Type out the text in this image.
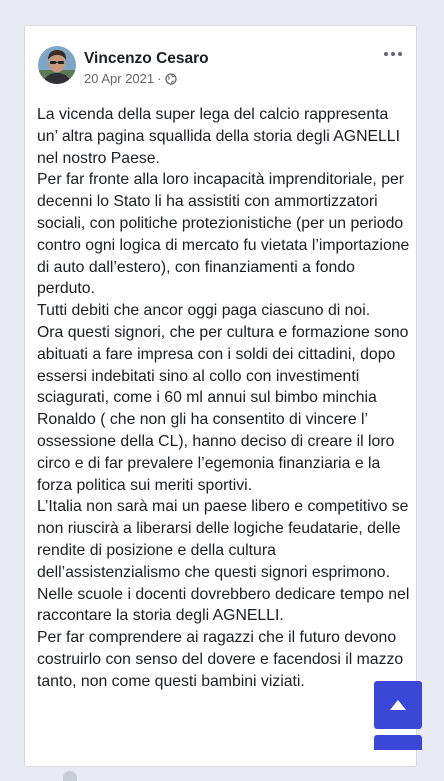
Vincenzo Cesaro
20 Apr 2021 ·

La vicenda della super lega del calcio rappresenta un’ altra pagina squallida della storia degli AGNELLI nel nostro Paese.

Per far fronte alla loro incapacità imprenditoriale, per decenni lo Stato li ha assistiti con ammortizzatori sociali, con politiche protezionistiche (per un periodo contro ogni logica di mercato fu vietata l’importazione di auto dall’estero), con finanziamenti a fondo perduto.

Tutti debiti che ancor oggi paga ciascuno di noi.

Ora questi signori, che per cultura e formazione sono abituati a fare impresa con i soldi dei cittadini, dopo essersi indebitati sino al collo con investimenti sciagurati, come i 60 ml annui sul bimbo minchia Ronaldo ( che non gli ha consentito di vincere l’ ossessione della CL), hanno deciso di creare il loro circo e di far prevalere l’egemonia finanziaria e la forza politica sui meriti sportivi.

L’Italia non sarà mai un paese libero e competitivo se non riuscirà a liberarsi delle logiche feudatarie, delle rendite di posizione e della cultura dell’assistenzialismo che questi signori esprimono.

Nelle scuole i docenti dovrebbero dedicare tempo nel raccontare la storia degli AGNELLI.

Per far comprendere ai ragazzi che il futuro devono costruirlo con senso del dovere e facendosi il mazzo tanto, non come questi bambini viziati.
